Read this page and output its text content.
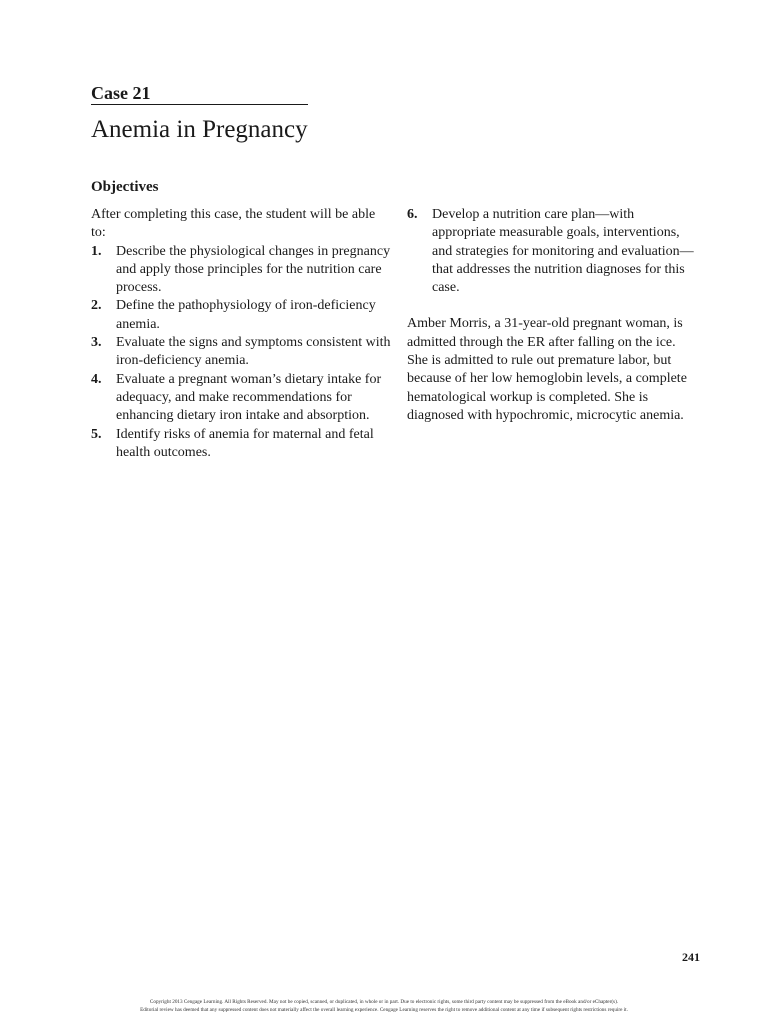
Case 21
Anemia in Pregnancy
Objectives

After completing this case, the student will be able to:

1. Describe the physiological changes in pregnancy and apply those principles for the nutrition care process.
2. Define the pathophysiology of iron-deficiency anemia.
3. Evaluate the signs and symptoms consistent with iron-deficiency anemia.
4. Evaluate a pregnant woman’s dietary intake for adequacy, and make recommendations for enhancing dietary iron intake and absorption.
5. Identify risks of anemia for maternal and fetal health outcomes.
6. Develop a nutrition care plan—with appropriate measurable goals, interventions, and strategies for monitoring and evaluation—that addresses the nutrition diagnoses for this case.

Amber Morris, a 31-year-old pregnant woman, is admitted through the ER after falling on the ice. She is admitted to rule out premature labor, but because of her low hemoglobin levels, a complete hematological workup is completed. She is diagnosed with hypochromic, microcytic anemia.

241
Copyright 2013 Cengage Learning. All Rights Reserved. May not be copied, scanned, or duplicated, in whole or in part. Due to electronic rights, some third party content may be suppressed from the eBook and/or eChapter(s).
Editorial review has deemed that any suppressed content does not materially affect the overall learning experience. Cengage Learning reserves the right to remove additional content at any time if subsequent rights restrictions require it.
